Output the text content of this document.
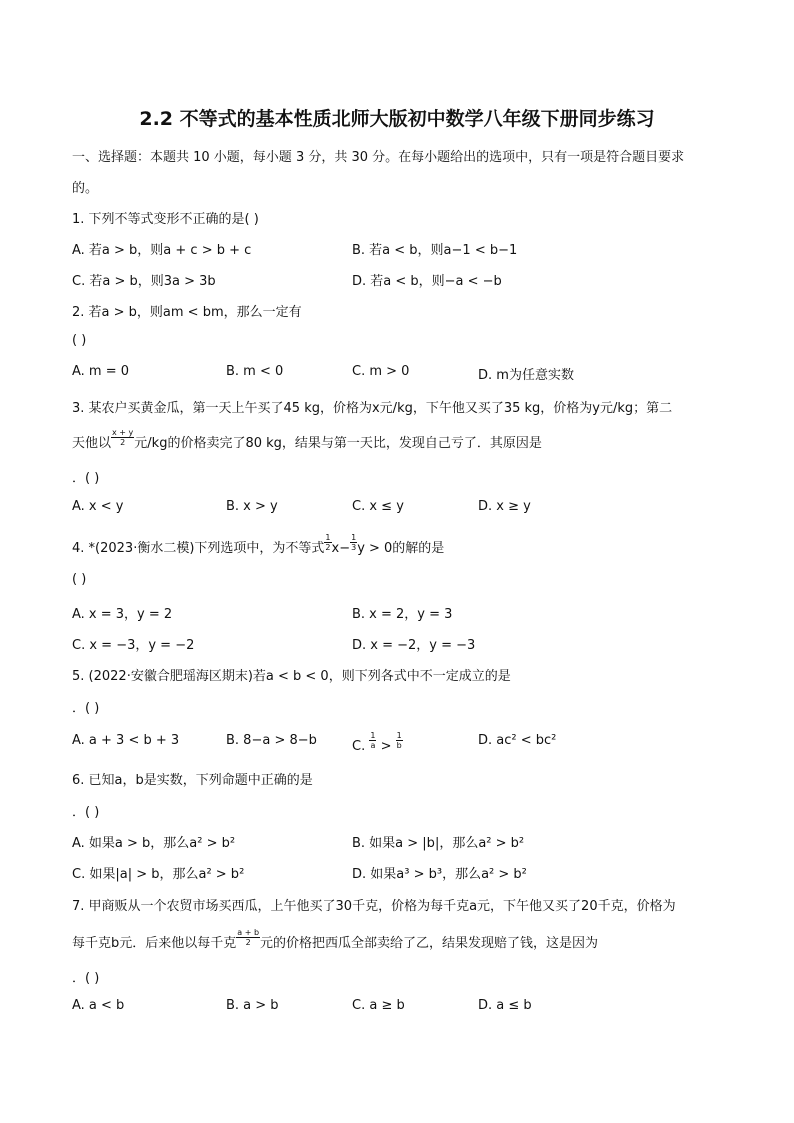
2.2 不等式的基本性质北师大版初中数学八年级下册同步练习
一、选择题：本题共 10 小题，每小题 3 分，共 30 分。在每小题给出的选项中，只有一项是符合题目要求
的。
1. 下列不等式变形不正确的是( )
A. 若a > b，则a + c > b + c	B. 若a < b，则a−1 < b−1
C. 若a > b，则3a > 3b	D. 若a < b，则−a < −b
2. 若a > b，则am < bm，那么一定有
( )
A. m = 0	B. m < 0	C. m > 0	D. m为任意实数
3. 某农户买黄金瓜，第一天上午买了45 kg，价格为x元/kg，下午他又买了35 kg，价格为y元/kg；第二
天他以 $\frac{x + y}{2}$ 元/kg的价格卖完了80 kg，结果与第一天比，发现自己亏了．其原因是
．( )
A. x < y	B. x > y	C. x ≤ y	D. x ≥ y
4. *(2023·衡水二模)下列选项中，为不等式 $\frac{1}{2} x- \frac{1}{3}$ y > 0的解的是
( )
A. x = 3，y = 2	B. x = 2，y = 3
C. x = −3，y = −2	D. x = −2，y = −3
5. (2022·安徽合肥瑶海区期末)若a < b < 0，则下列各式中不一定成立的是
．( )
A. a + 3 < b + 3	B. 8−a > 8−b	C. $\frac{1}{a} > \frac{1}{b}$	D. ac² < bc²
6. 已知a，b是实数，下列命题中正确的是
．( )
A. 如果a > b，那么a² > b²	B. 如果a > |b|，那么a² > b²
C. 如果|a| > b，那么a² > b²	D. 如果a³ > b³，那么a² > b²
7. 甲商贩从一个农贸市场买西瓜，上午他买了30千克，价格为每千克a元，下午他又买了20千克，价格为
每千克b元．后来他以每千克 $\frac{a + b}{2}$ 元的价格把西瓜全部卖给了乙，结果发现赔了钱，这是因为
．( )
A. a < b	B. a > b	C. a ≥ b	D. a ≤ b
